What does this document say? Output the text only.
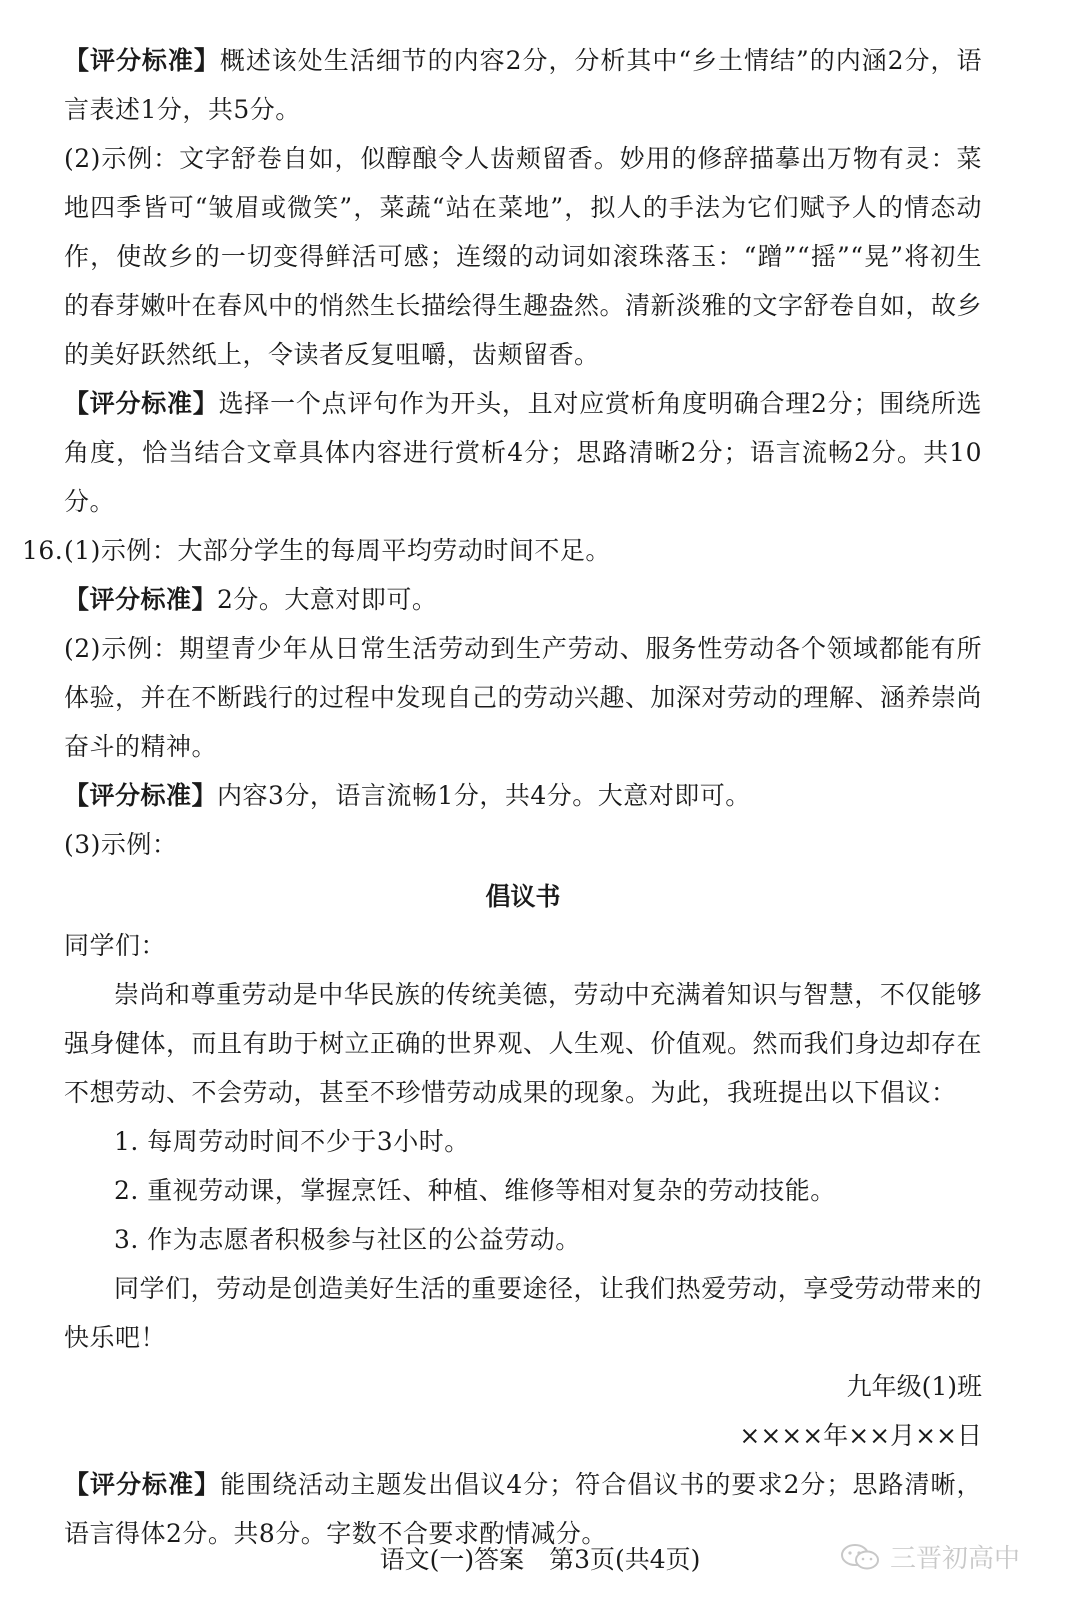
【评分标准】概述该处生活细节的内容2分，分析其中“乡土情结”的内涵2分，语言表述1分，共5分。

(2)示例：文字舒卷自如，似醇酿令人齿颊留香。妙用的修辞描摹出万物有灵：菜地四季皆可“皱眉或微笑”，菜蔬“站在菜地”，拟人的手法为它们赋予人的情态动作，使故乡的一切变得鲜活可感；连缀的动词如滚珠落玉：“蹭”“摇”“晃”将初生的春芽嫩叶在春风中的悄然生长描绘得生趣盎然。清新淡雅的文字舒卷自如，故乡的美好跃然纸上，令读者反复咀嚼，齿颊留香。

【评分标准】选择一个点评句作为开头，且对应赏析角度明确合理2分；围绕所选角度，恰当结合文章具体内容进行赏析4分；思路清晰2分；语言流畅2分。共10分。

16. (1)示例：大部分学生的每周平均劳动时间不足。

【评分标准】2分。大意对即可。

(2)示例：期望青少年从日常生活劳动到生产劳动、服务性劳动各个领域都能有所体验，并在不断践行的过程中发现自己的劳动兴趣、加深对劳动的理解、涵养崇尚奋斗的精神。

【评分标准】内容3分，语言流畅1分，共4分。大意对即可。

(3)示例：

倡议书

同学们：

崇尚和尊重劳动是中华民族的传统美德，劳动中充满着知识与智慧，不仅能够强身健体，而且有助于树立正确的世界观、人生观、价值观。然而我们身边却存在不想劳动、不会劳动，甚至不珍惜劳动成果的现象。为此，我班提出以下倡议：

1. 每周劳动时间不少于3小时。

2. 重视劳动课，掌握烹饪、种植、维修等相对复杂的劳动技能。

3. 作为志愿者积极参与社区的公益劳动。

同学们，劳动是创造美好生活的重要途径，让我们热爱劳动，享受劳动带来的快乐吧！

九年级(1)班

××××年××月××日

【评分标准】能围绕活动主题发出倡议4分；符合倡议书的要求2分；思路清晰，语言得体2分。共8分。字数不合要求酌情减分。

语文(一)答案　第3页(共4页)	三晋初高中
